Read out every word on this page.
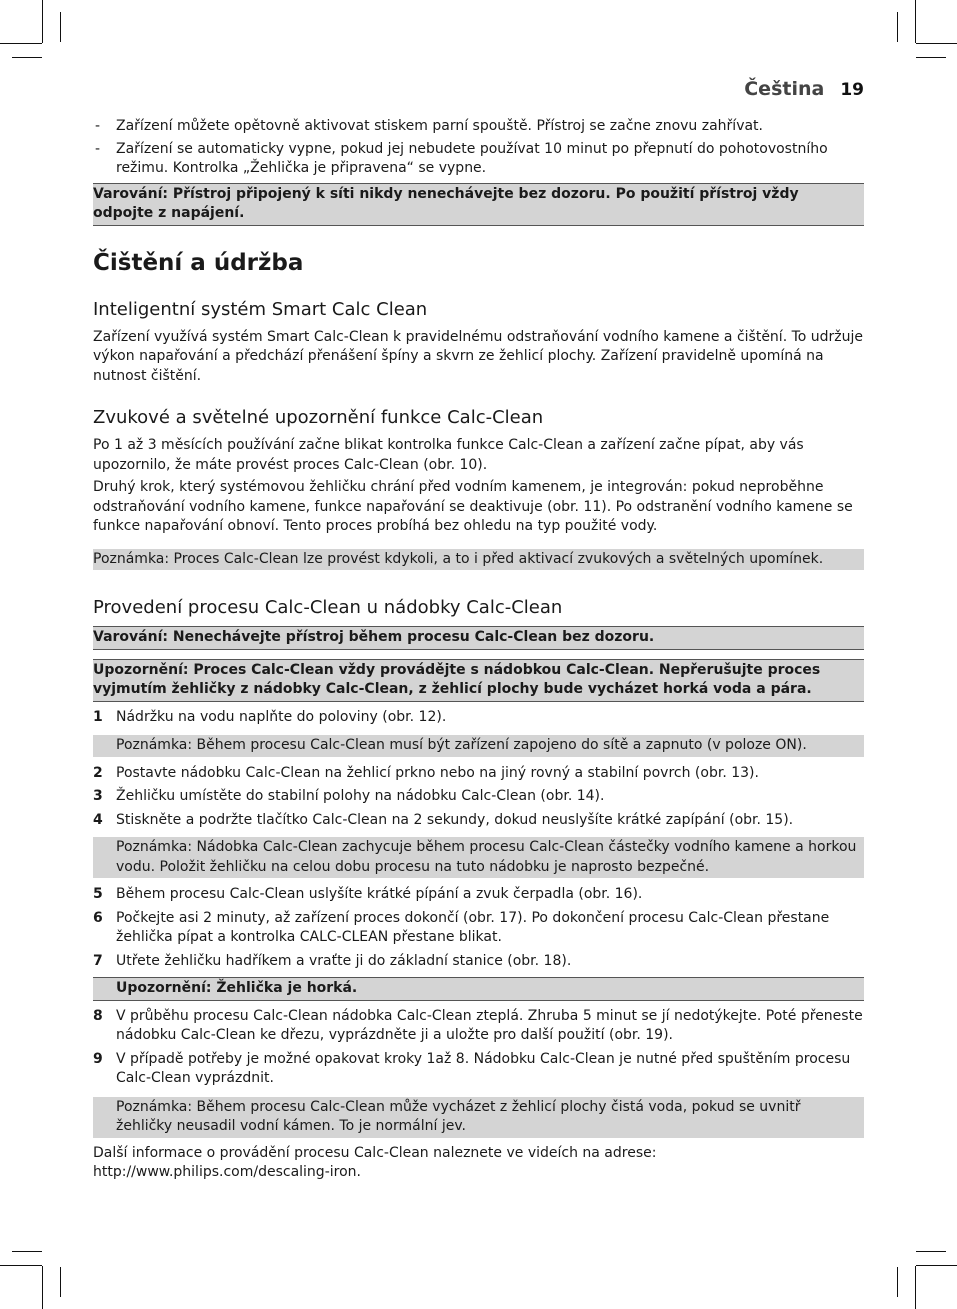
Čeština 19
- Zařízení můžete opětovně aktivovat stiskem parní spouště. Přístroj se začne znovu zahřívat.
- Zařízení se automaticky vypne, pokud jej nebudete používat 10 minut po přepnutí do pohotovostního režimu. Kontrolka „Žehlička je připravena“ se vypne.
Varování: Přístroj připojený k síti nikdy nenechávejte bez dozoru. Po použití přístroj vždy odpojte z napájení.
Čištění a údržba
Inteligentní systém Smart Calc Clean

Zařízení využívá systém Smart Calc-Clean k pravidelnému odstraňování vodního kamene a čištění. To udržuje výkon napařování a předchází přenášení špíny a skvrn ze žehlicí plochy. Zařízení pravidelně upomíná na nutnost čištění.

Zvukové a světelné upozornění funkce Calc-Clean

Po 1 až 3 měsících používání začne blikat kontrolka funkce Calc-Clean a zařízení začne pípat, aby vás upozornilo, že máte provést proces Calc-Clean (obr. 10).

Druhý krok, který systémovou žehličku chrání před vodním kamenem, je integrován: pokud neproběhne odstraňování vodního kamene, funkce napařování se deaktivuje (obr. 11). Po odstranění vodního kamene se funkce napařování obnoví. Tento proces probíhá bez ohledu na typ použité vody.

Poznámka: Proces Calc-Clean lze provést kdykoli, a to i před aktivací zvukových a světelných upomínek.
Provedení procesu Calc-Clean u nádobky Calc-Clean
Varování: Nenechávejte přístroj během procesu Calc-Clean bez dozoru.
Upozornění: Proces Calc-Clean vždy provádějte s nádobkou Calc-Clean. Nepřerušujte proces vyjmutím žehličky z nádobky Calc-Clean, z žehlicí plochy bude vycházet horká voda a pára.
1 Nádržku na vodu naplňte do poloviny (obr. 12).
Poznámka: Během procesu Calc-Clean musí být zařízení zapojeno do sítě a zapnuto (v poloze ON).
2 Postavte nádobku Calc-Clean na žehlicí prkno nebo na jiný rovný a stabilní povrch (obr. 13).
3 Žehličku umístěte do stabilní polohy na nádobku Calc-Clean (obr. 14).
4 Stiskněte a podržte tlačítko Calc-Clean na 2 sekundy, dokud neuslyšíte krátké zapípání (obr. 15).
Poznámka: Nádobka Calc-Clean zachycuje během procesu Calc-Clean částečky vodního kamene a horkou vodu. Položit žehličku na celou dobu procesu na tuto nádobku je naprosto bezpečné.
5 Během procesu Calc-Clean uslyšíte krátké pípání a zvuk čerpadla (obr. 16).
6 Počkejte asi 2 minuty, až zařízení proces dokončí (obr. 17). Po dokončení procesu Calc-Clean přestane žehlička pípat a kontrolka CALC-CLEAN přestane blikat.
7 Utřete žehličku hadříkem a vraťte ji do základní stanice (obr. 18).
Upozornění: Žehlička je horká.
8 V průběhu procesu Calc-Clean nádobka Calc-Clean zteplá. Zhruba 5 minut se jí nedotýkejte. Poté přeneste nádobku Calc-Clean ke dřezu, vyprázdněte ji a uložte pro další použití (obr. 19).
9 V případě potřeby je možné opakovat kroky 1až 8. Nádobku Calc-Clean je nutné před spuštěním procesu Calc-Clean vyprázdnit.
Poznámka: Během procesu Calc-Clean může vycházet z žehlicí plochy čistá voda, pokud se uvnitř žehličky neusadil vodní kámen. To je normální jev.

Další informace o provádění procesu Calc-Clean naleznete ve videích na adrese: http://www.philips.com/descaling-iron.
